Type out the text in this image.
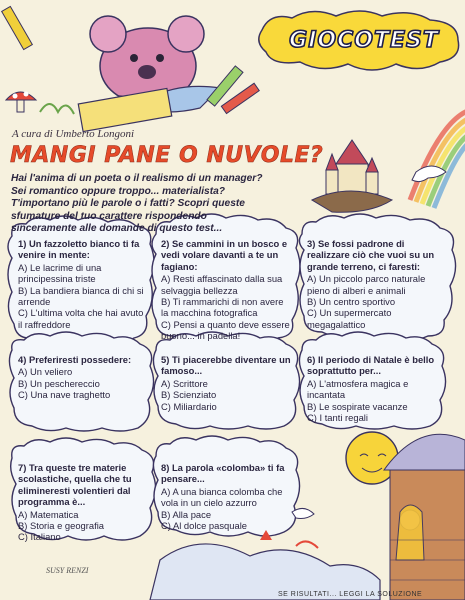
GIOCOTEST
A cura di Umberto Longoni
MANGI PANE O NUVOLE?
Hai l'anima di un poeta o il realismo di un manager? Sei romantico oppure troppo... materialista? T'importano più le parole o i fatti? Scopri queste sfumature del tuo carattere rispondendo sinceramente alle domande di questo test...
1) Un fazzoletto bianco ti fa venire in mente:
A) Le lacrime di una principessina triste
B) La bandiera bianca di chi si arrende
C) L'ultima volta che hai avuto il raffreddore
2) Se cammini in un bosco e vedi volare davanti a te un fagiano:
A) Resti affascinato dalla sua selvaggia bellezza
B) Ti rammarichi di non avere la macchina fotografica
C) Pensi a quanto deve essere buono... in padella!
3) Se fossi padrone di realizzare ciò che vuoi su un grande terreno, ci faresti:
A) Un piccolo parco naturale pieno di alberi e animali
B) Un centro sportivo
C) Un supermercato megagalattico
4) Preferiresti possedere:
A) Un veliero
B) Un peschereccio
C) Una nave traghetto
5) Ti piacerebbe diventare un famoso...
A) Scrittore
B) Scienziato
C) Miliardario
6) Il periodo di Natale è bello soprattutto per...
A) L'atmosfera magica e incantata
B) Le sospirate vacanze
C) I tanti regali
7) Tra queste tre materie scolastiche, quella che tu elimineresti volentieri dal programma è...
A) Matematica
B) Storia e geografia
C) Italiano
8) La parola «colomba» ti fa pensare...
A) A una bianca colomba che vola in un cielo azzurro
B) Alla pace
C) Al dolce pasquale
SUSY RENZI
SE RISULTATI... LEGGI LA SOLUZIONE
